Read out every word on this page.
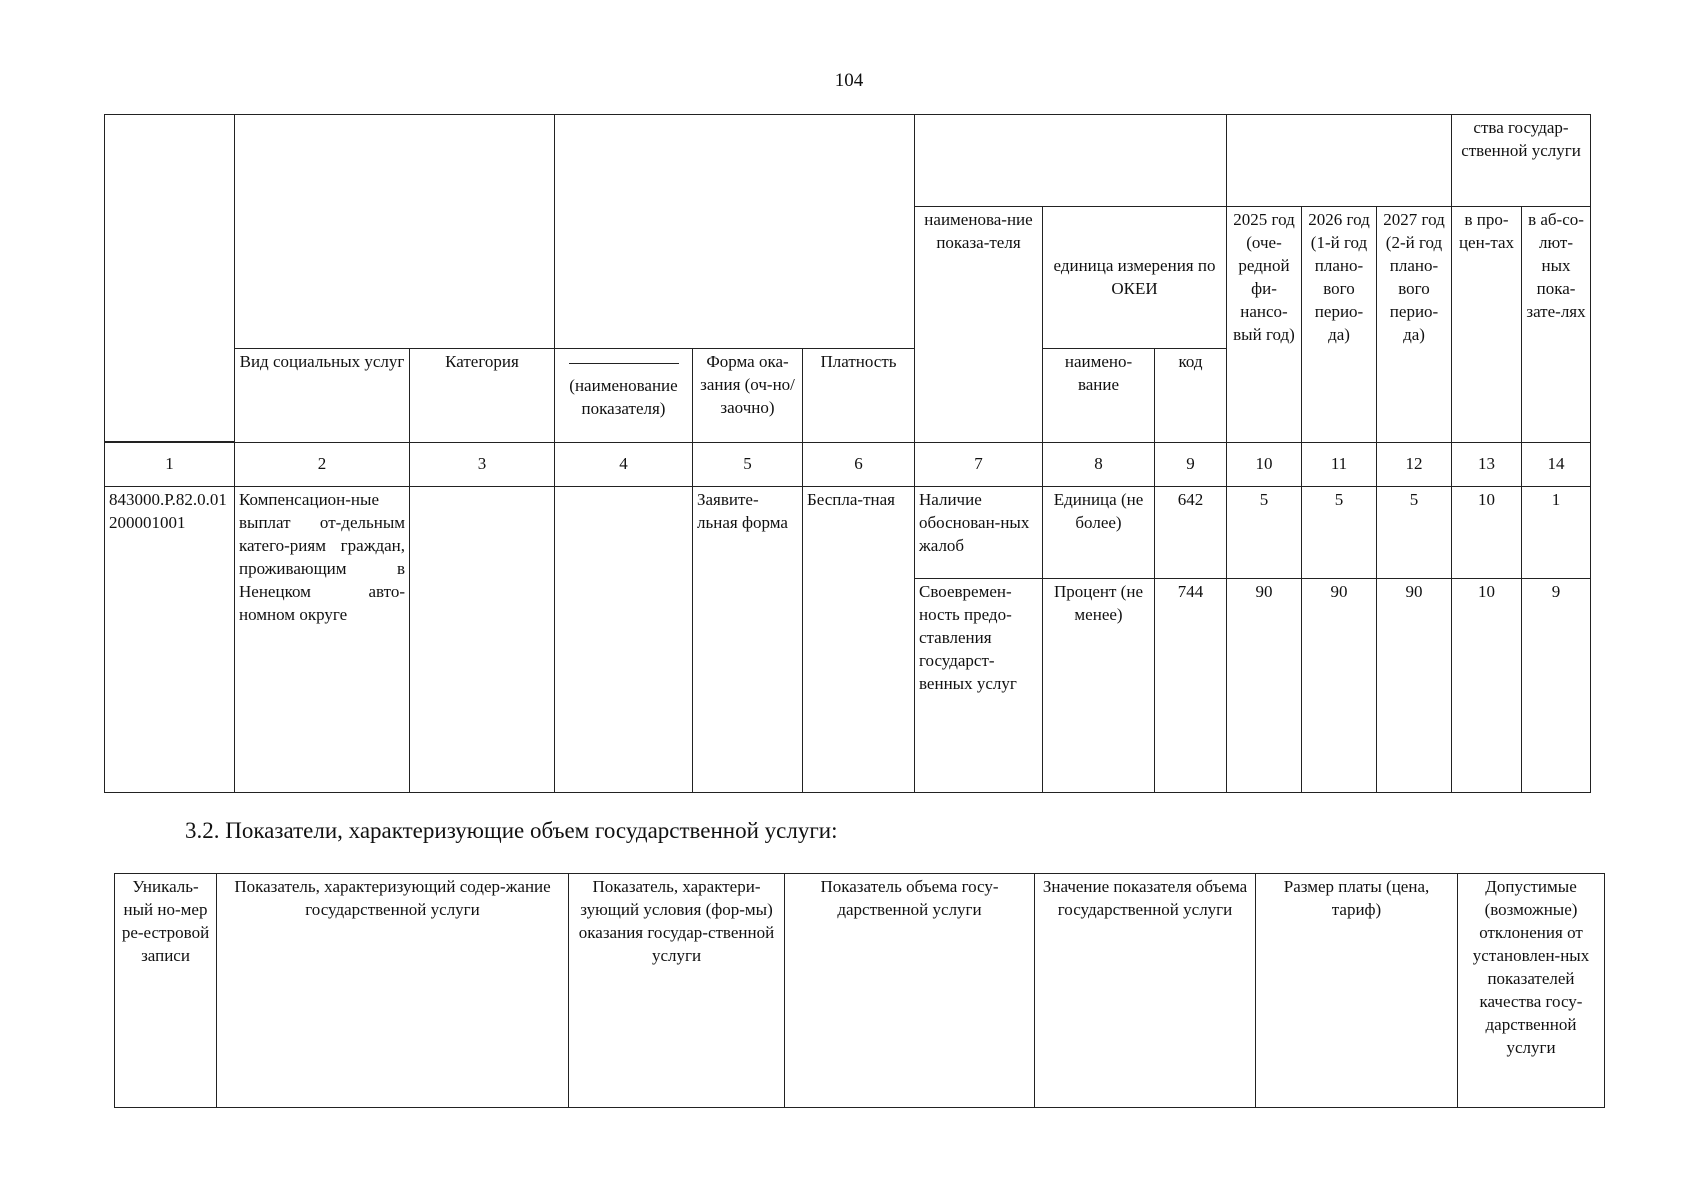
104
												ства государ-ственной услуги	
						наименова-ние показа-теля	единица измерения по ОКЕИ		2025 год (оче-редной фи-нансо-вый год)	2026 год (1-й год плано-вого перио-да)	2027 год (2-й год плано-вого перио-да)	в про-цен-тах	в аб-со-лют-ных пока-зате-лях
	Вид социальных услуг	Категория	(наименование показателя)	Форма ока-зания (оч-но/заочно)	Платность		наимено-вание	код					

1	2	3	4	5	6	7	8	9	10	11	12	13	14
843000.Р.82.0.01200001001	Компенсацион-ные выплат от-дельным катего-риям граждан, проживающим в Ненецком авто-номном округе			Заявите-льная форма	Бесплa-тная	Наличие обоснован-ных жалоб	Единица (не более)	642	5	5	5	10	1
						Своевремен-ность предо-ставления государст-венных услуг	Процент (не менее)	744	90	90	90	10	9
3.2. Показатели, характеризующие объем государственной услуги:
Уникаль-ный но-мер ре-естровой записи	Показатель, характеризующий содер-жание государственной услуги	Показатель, характери-зующий условия (фор-мы) оказания государ-ственной услуги	Показатель объема госу-дарственной услуги	Значение показателя объема государственной услуги	Размер платы (цена, тариф)	Допустимые (возможные) отклонения от установлен-ных показателей качества госу-дарственной услуги
